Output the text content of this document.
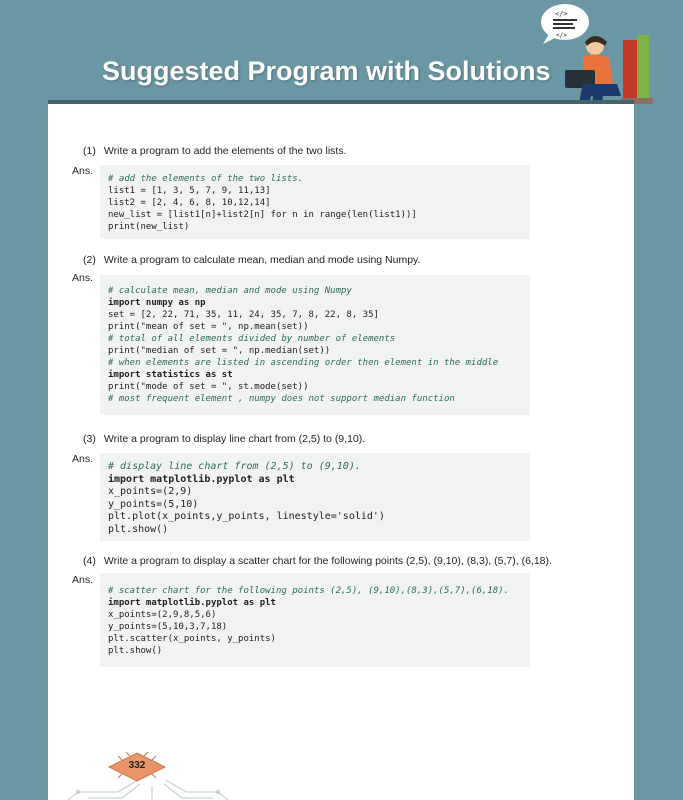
Suggested Program with Solutions
</>
</>
(1) Write a program to add the elements of the two lists.
Ans.
# add the elements of the two lists.
list1 = [1, 3, 5, 7, 9, 11,13]
list2 = [2, 4, 6, 8, 10,12,14]
new_list = [list1[n]+list2[n] for n in range(len(list1))]
print(new_list)
(2) Write a program to calculate mean, median and mode using Numpy.
Ans.
# calculate mean, median and mode using Numpy
import numpy as np
set = [2, 22, 71, 35, 11, 24, 35, 7, 8, 22, 8, 35]
print("mean of set = ", np.mean(set))
# total of all elements divided by number of elements
print("median of set = ", np.median(set))
# when elements are listed in ascending order then element in the middle
import statistics as st
print("mode of set = ", st.mode(set))
# most frequent element , numpy does not support median function
(3) Write a program to display line chart from (2,5) to (9,10).
Ans.
# display line chart from (2,5) to (9,10).
import matplotlib.pyplot as plt
x_points=(2,9)
y_points=(5,10)
plt.plot(x_points,y_points, linestyle='solid')
plt.show()
(4) Write a program to display a scatter chart for the following points (2,5), (9,10), (8,3), (5,7), (6,18).
Ans.
# scatter chart for the following points (2,5), (9,10),(8,3),(5,7),(6,18).
import matplotlib.pyplot as plt
x_points=(2,9,8,5,6)
y_points=(5,10,3,7,18)
plt.scatter(x_points, y_points)
plt.show()
332
